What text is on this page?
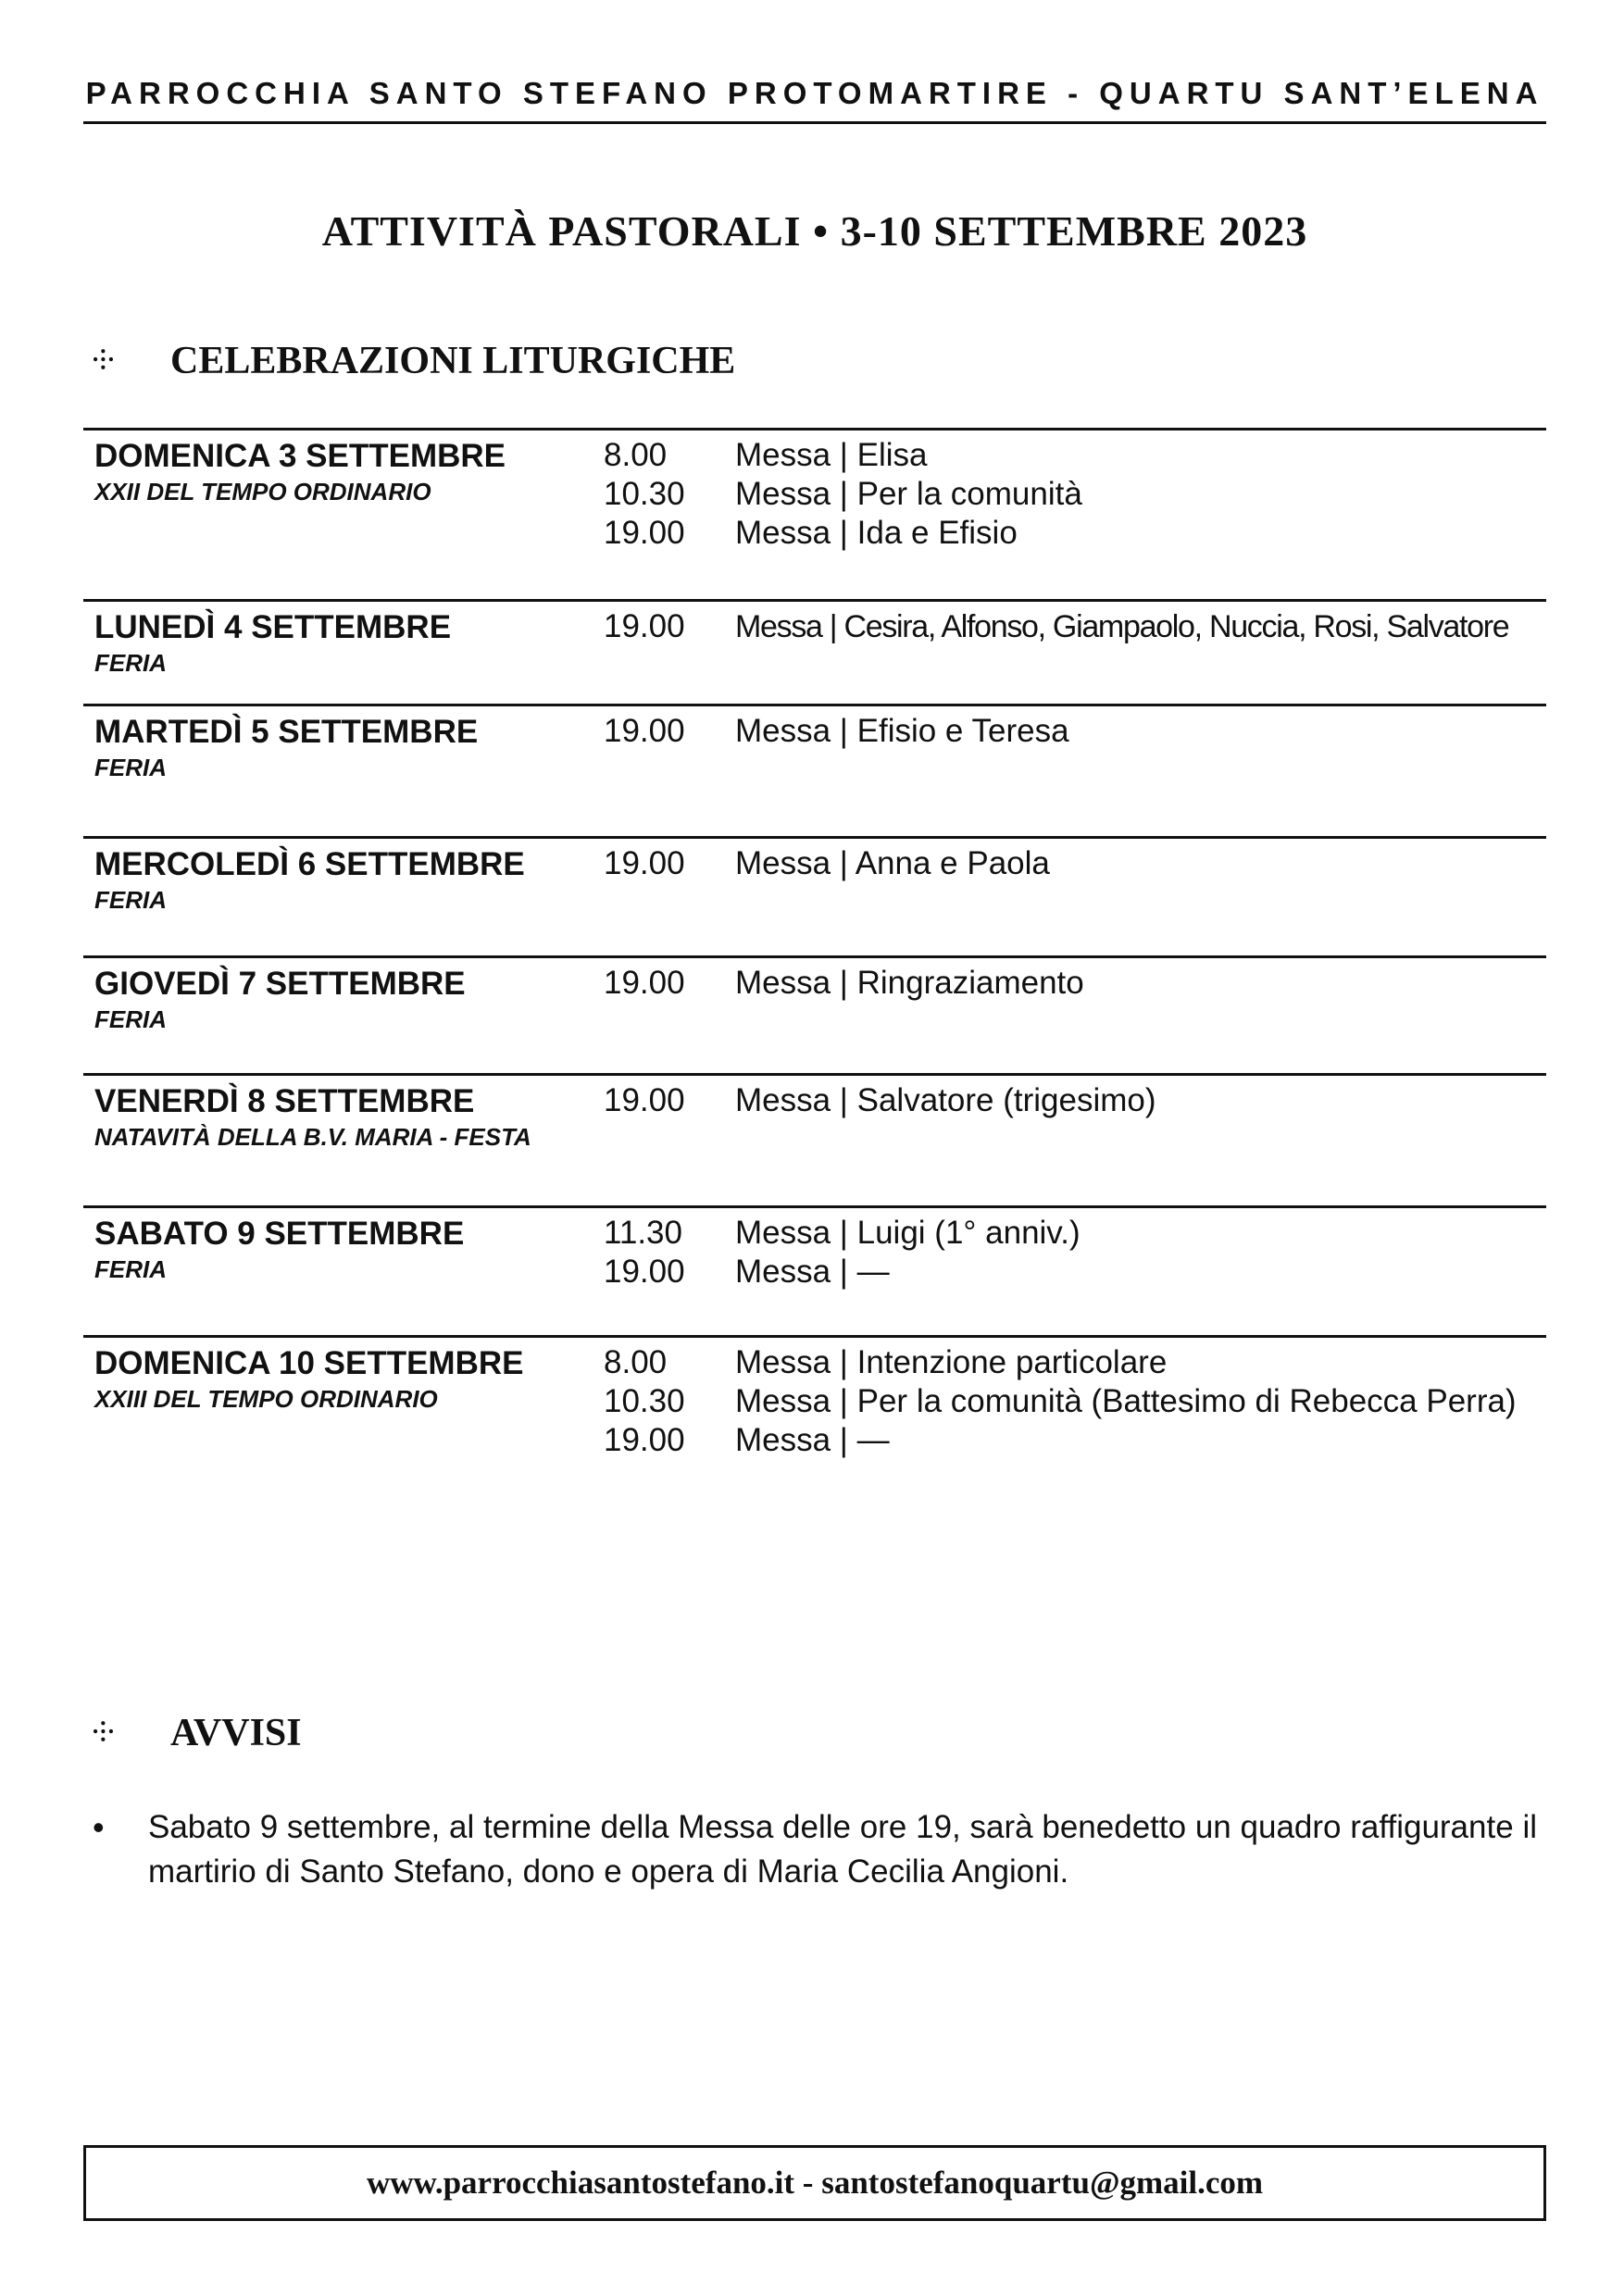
PARROCCHIA SANTO STEFANO PROTOMARTIRE - QUARTU SANT’ELENA
ATTIVITÀ PASTORALI • 3-10 SETTEMBRE 2023
⸭	CELEBRAZIONI LITURGICHE
DOMENICA 3 SETTEMBRE
XXII DEL TEMPO ORDINARIO
8.00	Messa | Elisa
10.30	Messa | Per la comunità
19.00	Messa | Ida e Efisio
LUNEDÌ 4 SETTEMBRE
FERIA
19.00	Messa | Cesira, Alfonso, Giampaolo, Nuccia, Rosi, Salvatore
MARTEDÌ 5 SETTEMBRE
FERIA
19.00	Messa | Efisio e Teresa
MERCOLEDÌ 6 SETTEMBRE
FERIA
19.00	Messa | Anna e Paola
GIOVEDÌ 7 SETTEMBRE
FERIA
19.00	Messa | Ringraziamento
VENERDÌ 8 SETTEMBRE
NATAVITÀ DELLA B.V. MARIA - FESTA
19.00	Messa | Salvatore (trigesimo)
SABATO 9 SETTEMBRE
FERIA
11.30	Messa | Luigi (1° anniv.)
19.00	Messa | —
DOMENICA 10 SETTEMBRE
XXIII DEL TEMPO ORDINARIO
8.00	Messa | Intenzione particolare
10.30	Messa | Per la comunità (Battesimo di Rebecca Perra)
19.00	Messa | —
⸭	AVVISI
•	Sabato 9 settembre, al termine della Messa delle ore 19, sarà benedetto un quadro raffigurante il martirio di Santo Stefano, dono e opera di Maria Cecilia Angioni.
www.parrocchiasantostefano.it - santostefanoquartu@gmail.com
